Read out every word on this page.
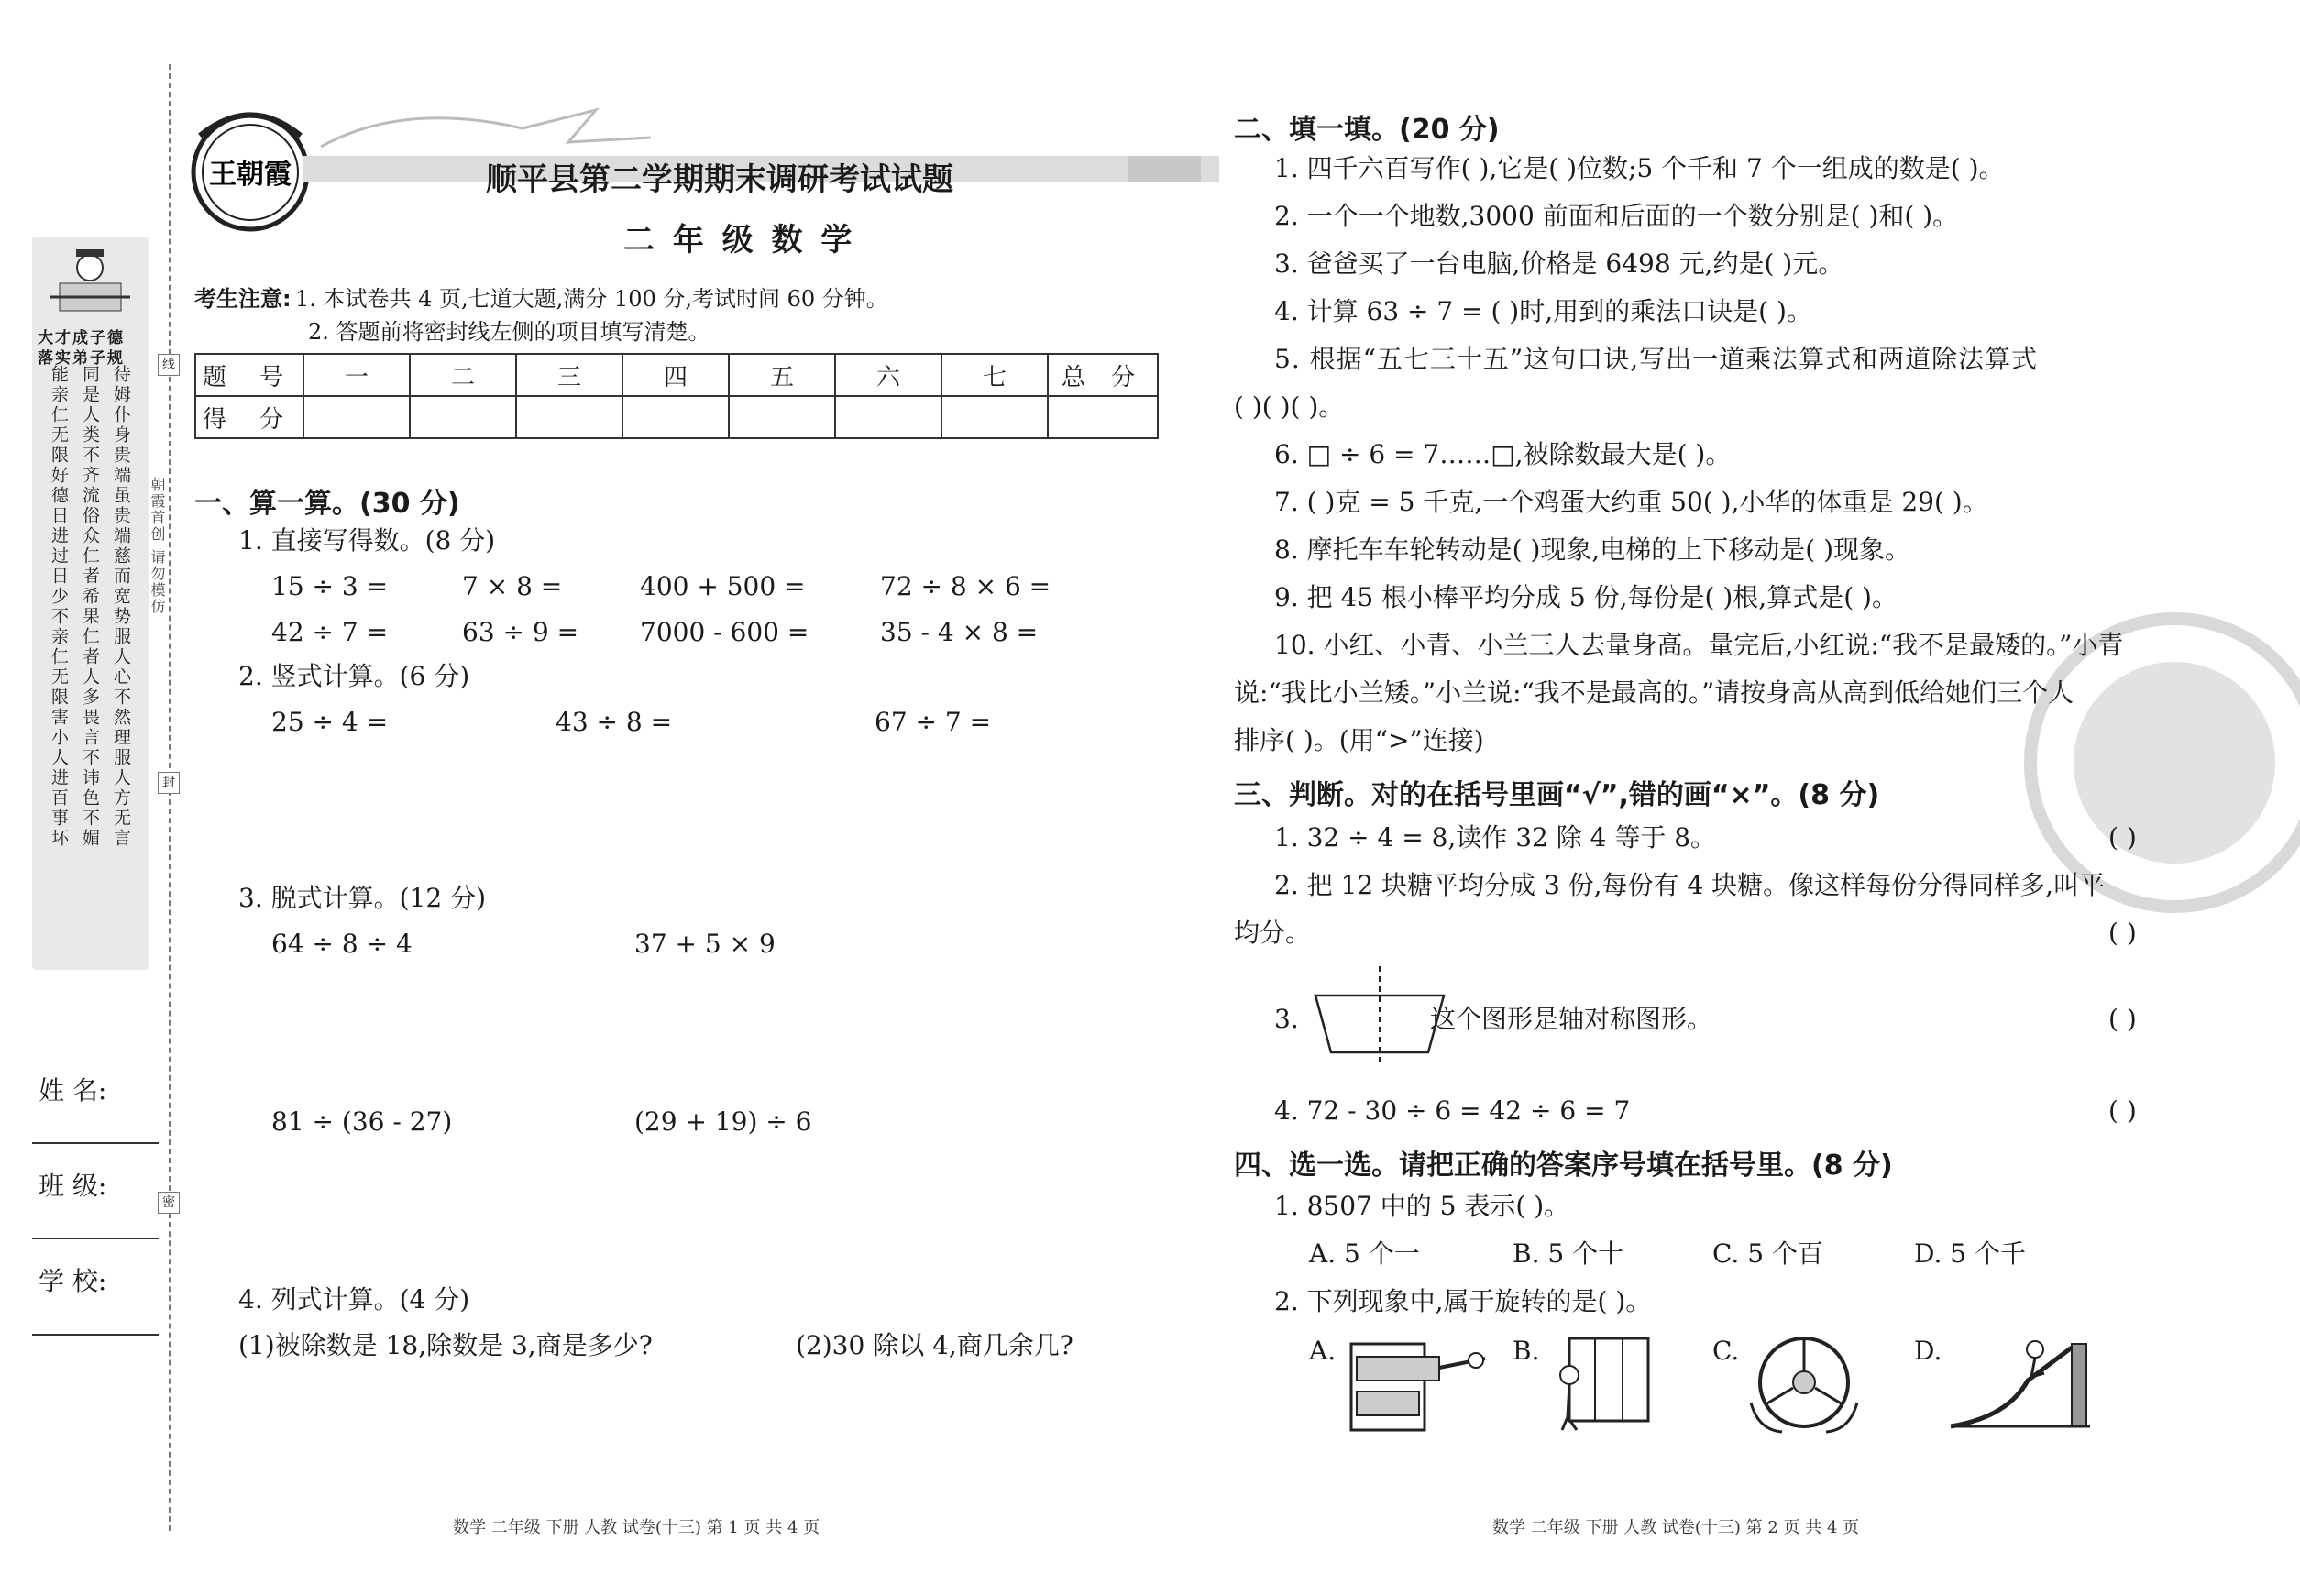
朝霞首创 请勿模仿
线
封
密
大才成子德
落实弟子规
待姆仆身贵端虽贵端慈而宽势服人心不然理服人方无言
同是人类不齐流俗众仁者希果仁者人多畏言不讳色不媚
能亲仁无限好德日进过日少不亲仁无限害小人进百事坏
姓 名:
班 级:
学 校:
王朝霞	顺平县第二学期期末调研考试试题
二 年 级 数 学
考生注意: 1. 本试卷共 4 页,七道大题,满分 100 分,考试时间 60 分钟。
2. 答题前将密封线左侧的项目填写清楚。
题 号	一	二	三	四	五	六	七	总 分
得 分								
一、算一算。(30 分)
1. 直接写得数。(8 分)
15 ÷ 3 =	7 × 8 =	400 + 500 =	72 ÷ 8 × 6 =
42 ÷ 7 =	63 ÷ 9 = 7000 - 600 =	35 - 4 × 8 =
2. 竖式计算。(6 分)
25 ÷ 4 =	43 ÷ 8 =	67 ÷ 7 =
3. 脱式计算。(12 分)
64 ÷ 8 ÷ 4	37 + 5 × 9
81 ÷ (36 - 27)	(29 + 19) ÷ 6
4. 列式计算。(4 分)
(1)被除数是 18,除数是 3,商是多少?	(2)30 除以 4,商几余几?
数学 二年级 下册 人教 试卷(十三) 第 1 页 共 4 页
二、填一填。(20 分)
1. 四千六百写作( ),它是( )位数;5 个千和 7 个一组成的数是( )。
2. 一个一个地数,3000 前面和后面的一个数分别是( )和( )。
3. 爸爸买了一台电脑,价格是 6498 元,约是( )元。
4. 计算 63 ÷ 7 = ( )时,用到的乘法口诀是( )。
5. 根据“五七三十五”这句口诀,写出一道乘法算式和两道除法算式
( )( )( )。
6. □ ÷ 6 = 7……□,被除数最大是( )。
7. ( )克 = 5 千克,一个鸡蛋大约重 50( ),小华的体重是 29( )。
8. 摩托车车轮转动是( )现象,电梯的上下移动是( )现象。
9. 把 45 根小棒平均分成 5 份,每份是( )根,算式是( )。
10. 小红、小青、小兰三人去量身高。量完后,小红说:“我不是最矮的。”小青
说:“我比小兰矮。”小兰说:“我不是最高的。”请按身高从高到低给她们三个人
排序( )。(用“>”连接)
三、判断。对的在括号里画“√”,错的画“×”。(8 分)
1. 32 ÷ 4 = 8,读作 32 除 4 等于 8。	( )
2. 把 12 块糖平均分成 3 份,每份有 4 块糖。像这样每份分得同样多,叫平
均分。	( )
3.	这个图形是轴对称图形。	( )
4. 72 - 30 ÷ 6 = 42 ÷ 6 = 7	( )
四、选一选。请把正确的答案序号填在括号里。(8 分)
1. 8507 中的 5 表示( )。
A. 5 个一	B. 5 个十	C. 5 个百	D. 5 个千
2. 下列现象中,属于旋转的是( )。
A.	B.	C.	D.
数学 二年级 下册 人教 试卷(十三) 第 2 页 共 4 页
